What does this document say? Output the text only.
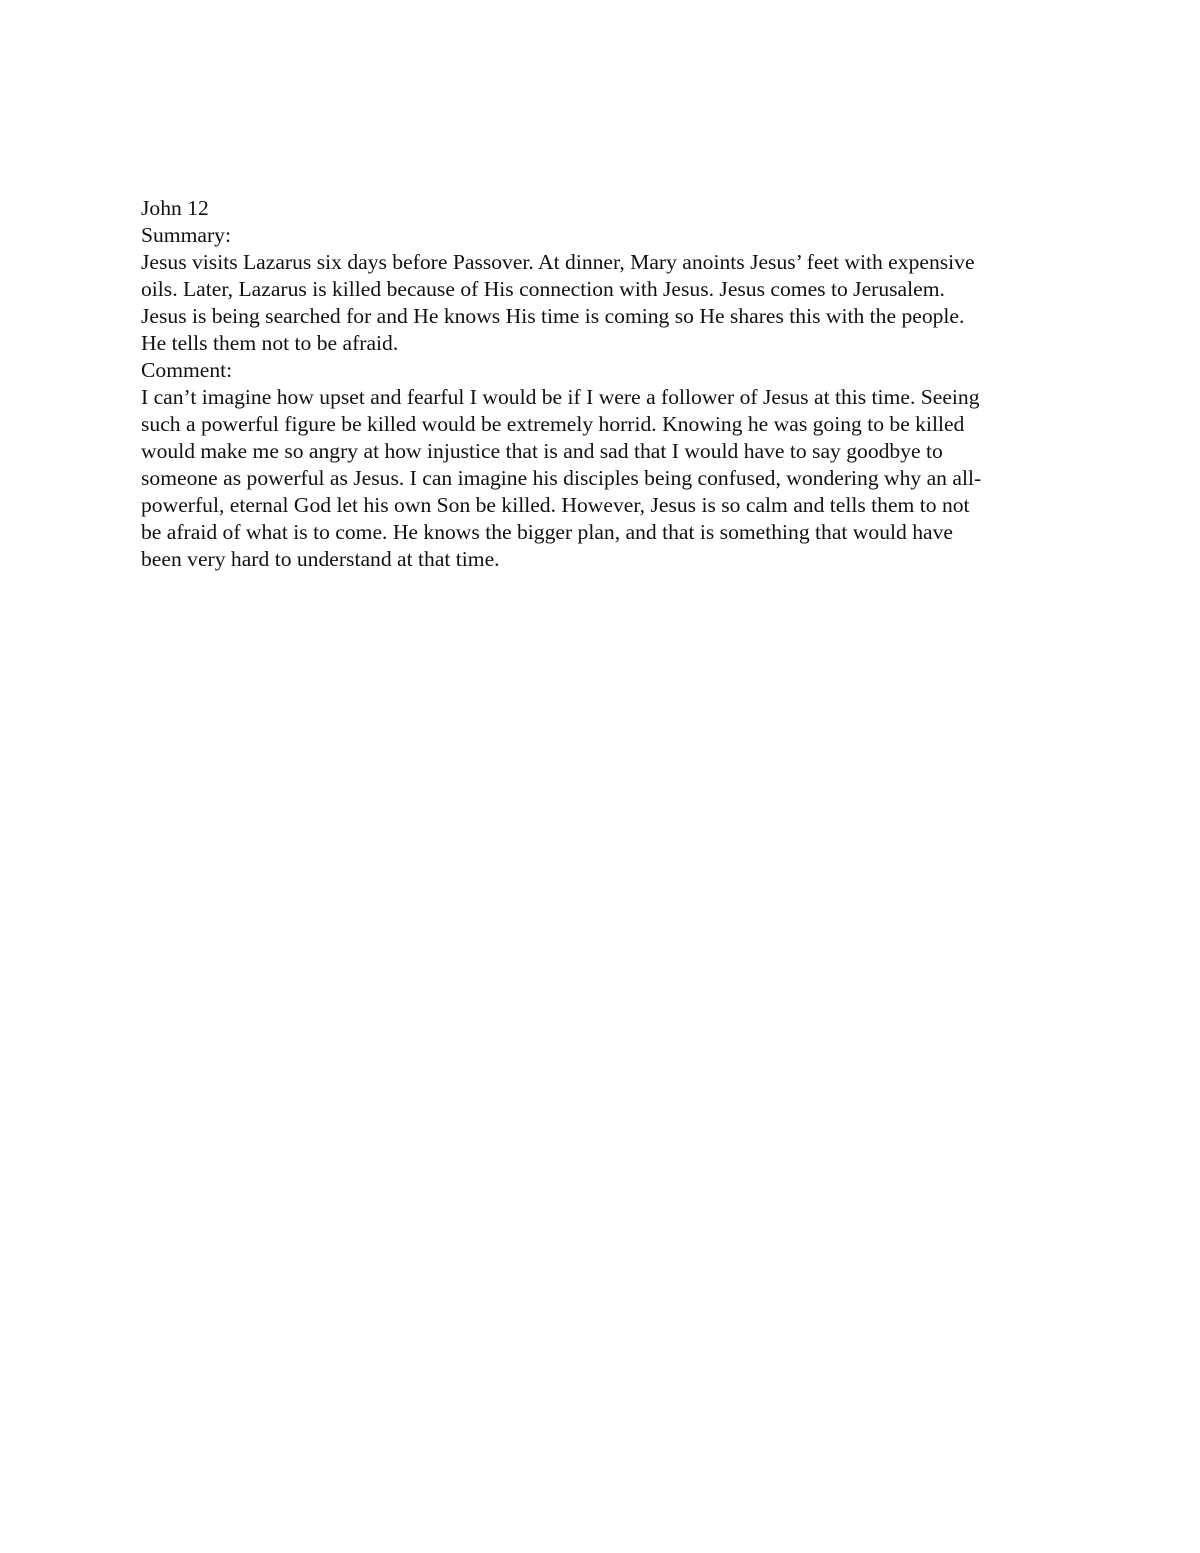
John 12
Summary:
Jesus visits Lazarus six days before Passover. At dinner, Mary anoints Jesus’ feet with expensive
oils. Later, Lazarus is killed because of His connection with Jesus. Jesus comes to Jerusalem.
Jesus is being searched for and He knows His time is coming so He shares this with the people.
He tells them not to be afraid.
Comment:
I can’t imagine how upset and fearful I would be if I were a follower of Jesus at this time. Seeing
such a powerful figure be killed would be extremely horrid. Knowing he was going to be killed
would make me so angry at how injustice that is and sad that I would have to say goodbye to
someone as powerful as Jesus. I can imagine his disciples being confused, wondering why an all-
powerful, eternal God let his own Son be killed. However, Jesus is so calm and tells them to not
be afraid of what is to come. He knows the bigger plan, and that is something that would have
been very hard to understand at that time.
